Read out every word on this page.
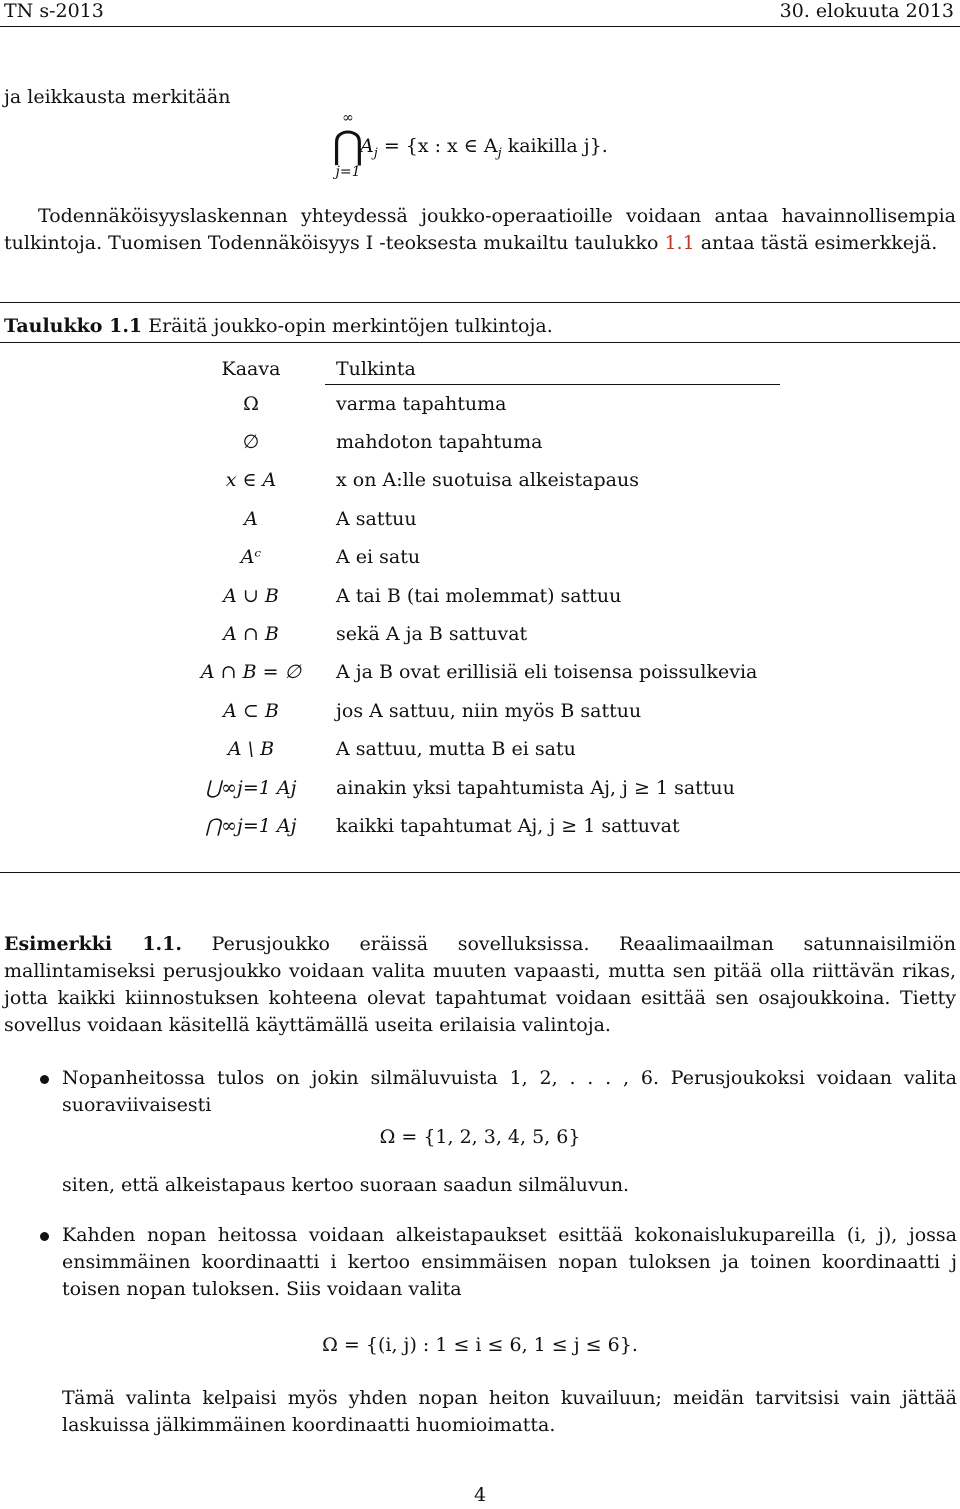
TN s-2013	30. elokuuta 2013
ja leikkausta merkitään
∞
⋂
j=1
$A_j = \{x$ : x ∈ $A_j$ kaikilla j}.
Todennäköisyyslaskennan yhteydessä joukko-operaatioille voidaan antaa havainnollisempia tulkintoja. Tuomisen Todennäköisyys I -teoksesta mukailtu taulukko 1.1 antaa tästä esimerkkejä.
Taulukko 1.1 Eräitä joukko-opin merkintöjen tulkintoja.
Kaava	Tulkinta
Ω	varma tapahtuma
∅	mahdoton tapahtuma
x ∈ A	x on A:lle suotuisa alkeistapaus
A	A sattuu
Aᶜ	A ei satu
A ∪ B	A tai B (tai molemmat) sattuu
A ∩ B	sekä A ja B sattuvat
A ∩ B = ∅	A ja B ovat erillisiä eli toisensa poissulkevia
A ⊂ B	jos A sattuu, niin myös B sattuu
A \ B	A sattuu, mutta B ei satu
⋃∞j=1 Aj	ainakin yksi tapahtumista Aj, j ≥ 1 sattuu
⋂∞j=1 Aj	kaikki tapahtumat Aj, j ≥ 1 sattuvat
Esimerkki 1.1. Perusjoukko eräissä sovelluksissa. Reaalimaailman satunnaisilmiön mallintamiseksi perusjoukko voidaan valita muuten vapaasti, mutta sen pitää olla riittävän rikas, jotta kaikki kiinnostuksen kohteena olevat tapahtumat voidaan esittää sen osajoukkoina. Tietty sovellus voidaan käsitellä käyttämällä useita erilaisia valintoja.
Nopanheitossa tulos on jokin silmäluvuista 1, 2, . . . , 6. Perusjoukoksi voidaan valita suoraviivaisesti
Ω = {1, 2, 3, 4, 5, 6}
siten, että alkeistapaus kertoo suoraan saadun silmäluvun.
Kahden nopan heitossa voidaan alkeistapaukset esittää kokonaislukupareilla (i, j), jossa ensimmäinen koordinaatti i kertoo ensimmäisen nopan tuloksen ja toinen koordinaatti j toisen nopan tuloksen. Siis voidaan valita
Ω = {(i, j) : 1 ≤ i ≤ 6, 1 ≤ j ≤ 6}.
Tämä valinta kelpaisi myös yhden nopan heiton kuvailuun; meidän tarvitsisi vain jättää laskuissa jälkimmäinen koordinaatti huomioimatta.
4
